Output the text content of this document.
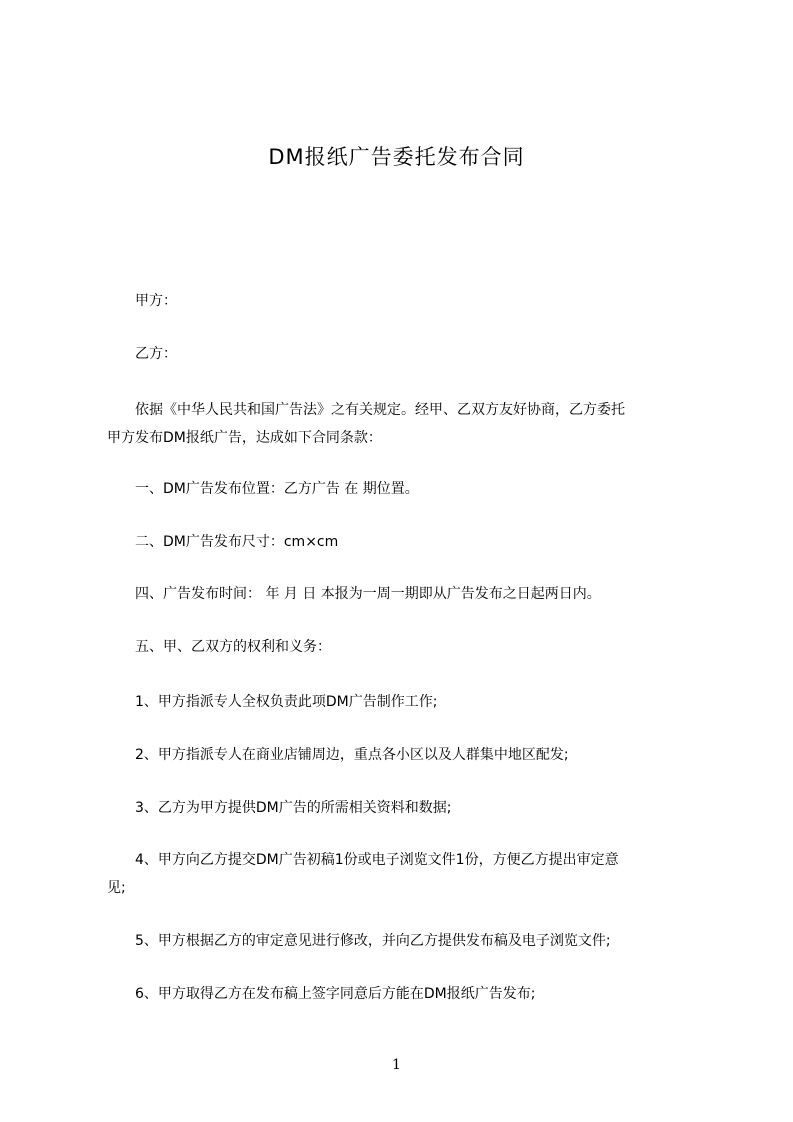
DM报纸广告委托发布合同

甲方：

乙方：

依据《中华人民共和国广告法》之有关规定。经甲、乙双方友好协商，乙方委托
甲方发布DM报纸广告，达成如下合同条款：

一、DM广告发布位置：乙方广告 在 期位置。

二、DM广告发布尺寸：cm×cm

四、广告发布时间： 年 月 日 本报为一周一期即从广告发布之日起两日内。

五、甲、乙双方的权利和义务：

1、甲方指派专人全权负责此项DM广告制作工作;

2、甲方指派专人在商业店铺周边，重点各小区以及人群集中地区配发;

3、乙方为甲方提供DM广告的所需相关资料和数据;

4、甲方向乙方提交DM广告初稿1份或电子浏览文件1份，方便乙方提出审定意
见;

5、甲方根据乙方的审定意见进行修改，并向乙方提供发布稿及电子浏览文件;

6、甲方取得乙方在发布稿上签字同意后方能在DM报纸广告发布;

1
